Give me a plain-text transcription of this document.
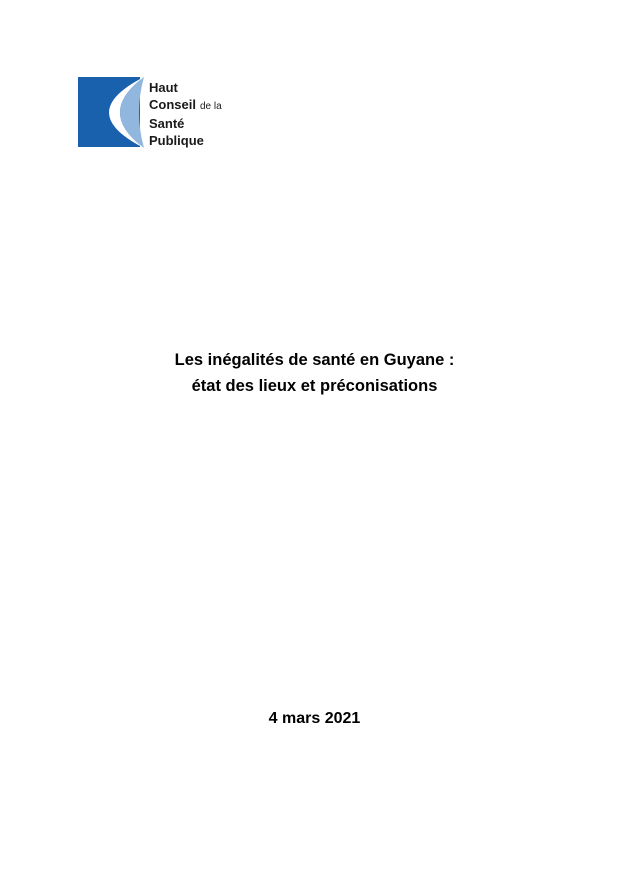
Haut
Conseil de la
Santé
Publique
Les inégalités de santé en Guyane :
état des lieux et préconisations
4 mars 2021
